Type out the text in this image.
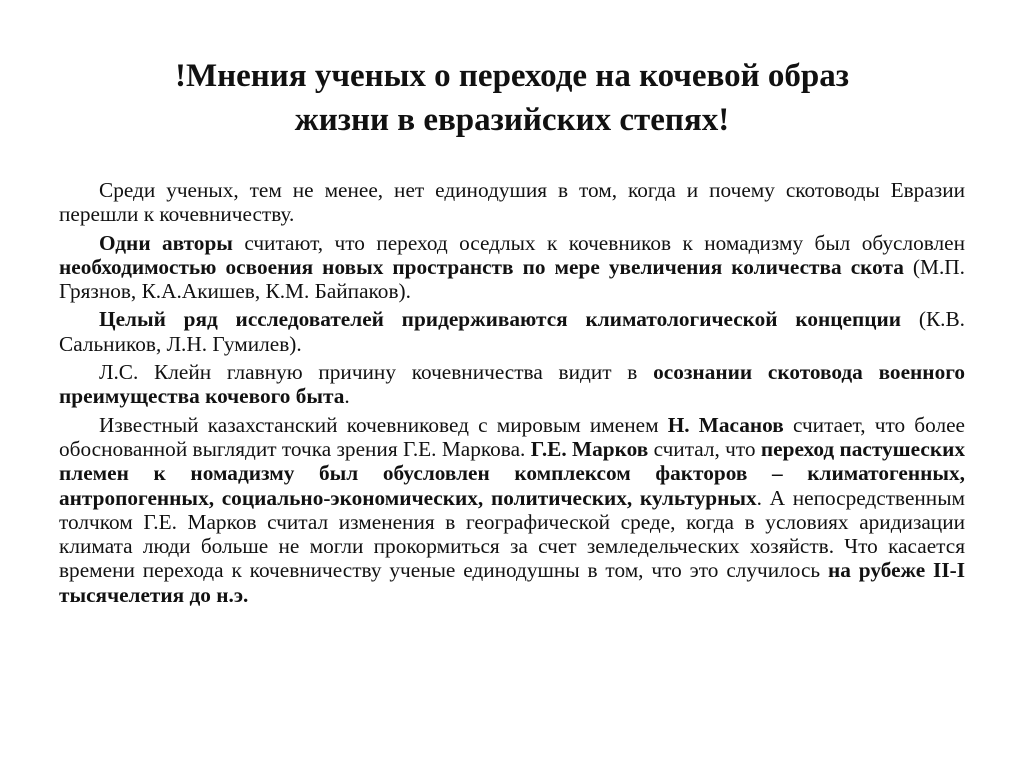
!Мнения ученых о переходе на кочевой образ
жизни в евразийских степях!

Среди ученых, тем не менее, нет единодушия в том, когда и почему скотоводы Евразии перешли к кочевничеству.

Одни авторы считают, что переход оседлых к кочевников к номадизму был обусловлен необходимостью освоения новых пространств по мере увеличения количества скота (М.П. Грязнов, К.А.Акишев, К.М. Байпаков).

Целый ряд исследователей придерживаются климатологической концепции (К.В. Сальников, Л.Н. Гумилев).

Л.С. Клейн главную причину кочевничества видит в осознании скотовода военного преимущества кочевого быта.

Известный казахстанский кочевниковед с мировым именем Н. Масанов считает, что более обоснованной выглядит точка зрения Г.Е. Маркова. Г.Е. Марков считал, что переход пастушеских племен к номадизму был обусловлен комплексом факторов – климатогенных, антропогенных, социально-экономических, политических, культурных. А непосредственным толчком Г.Е. Марков считал изменения в географической среде, когда в условиях аридизации климата люди больше не могли прокормиться за счет земледельческих хозяйств. Что касается времени перехода к кочевничеству ученые единодушны в том, что это случилось на рубеже II-I тысячелетия до н.э.
